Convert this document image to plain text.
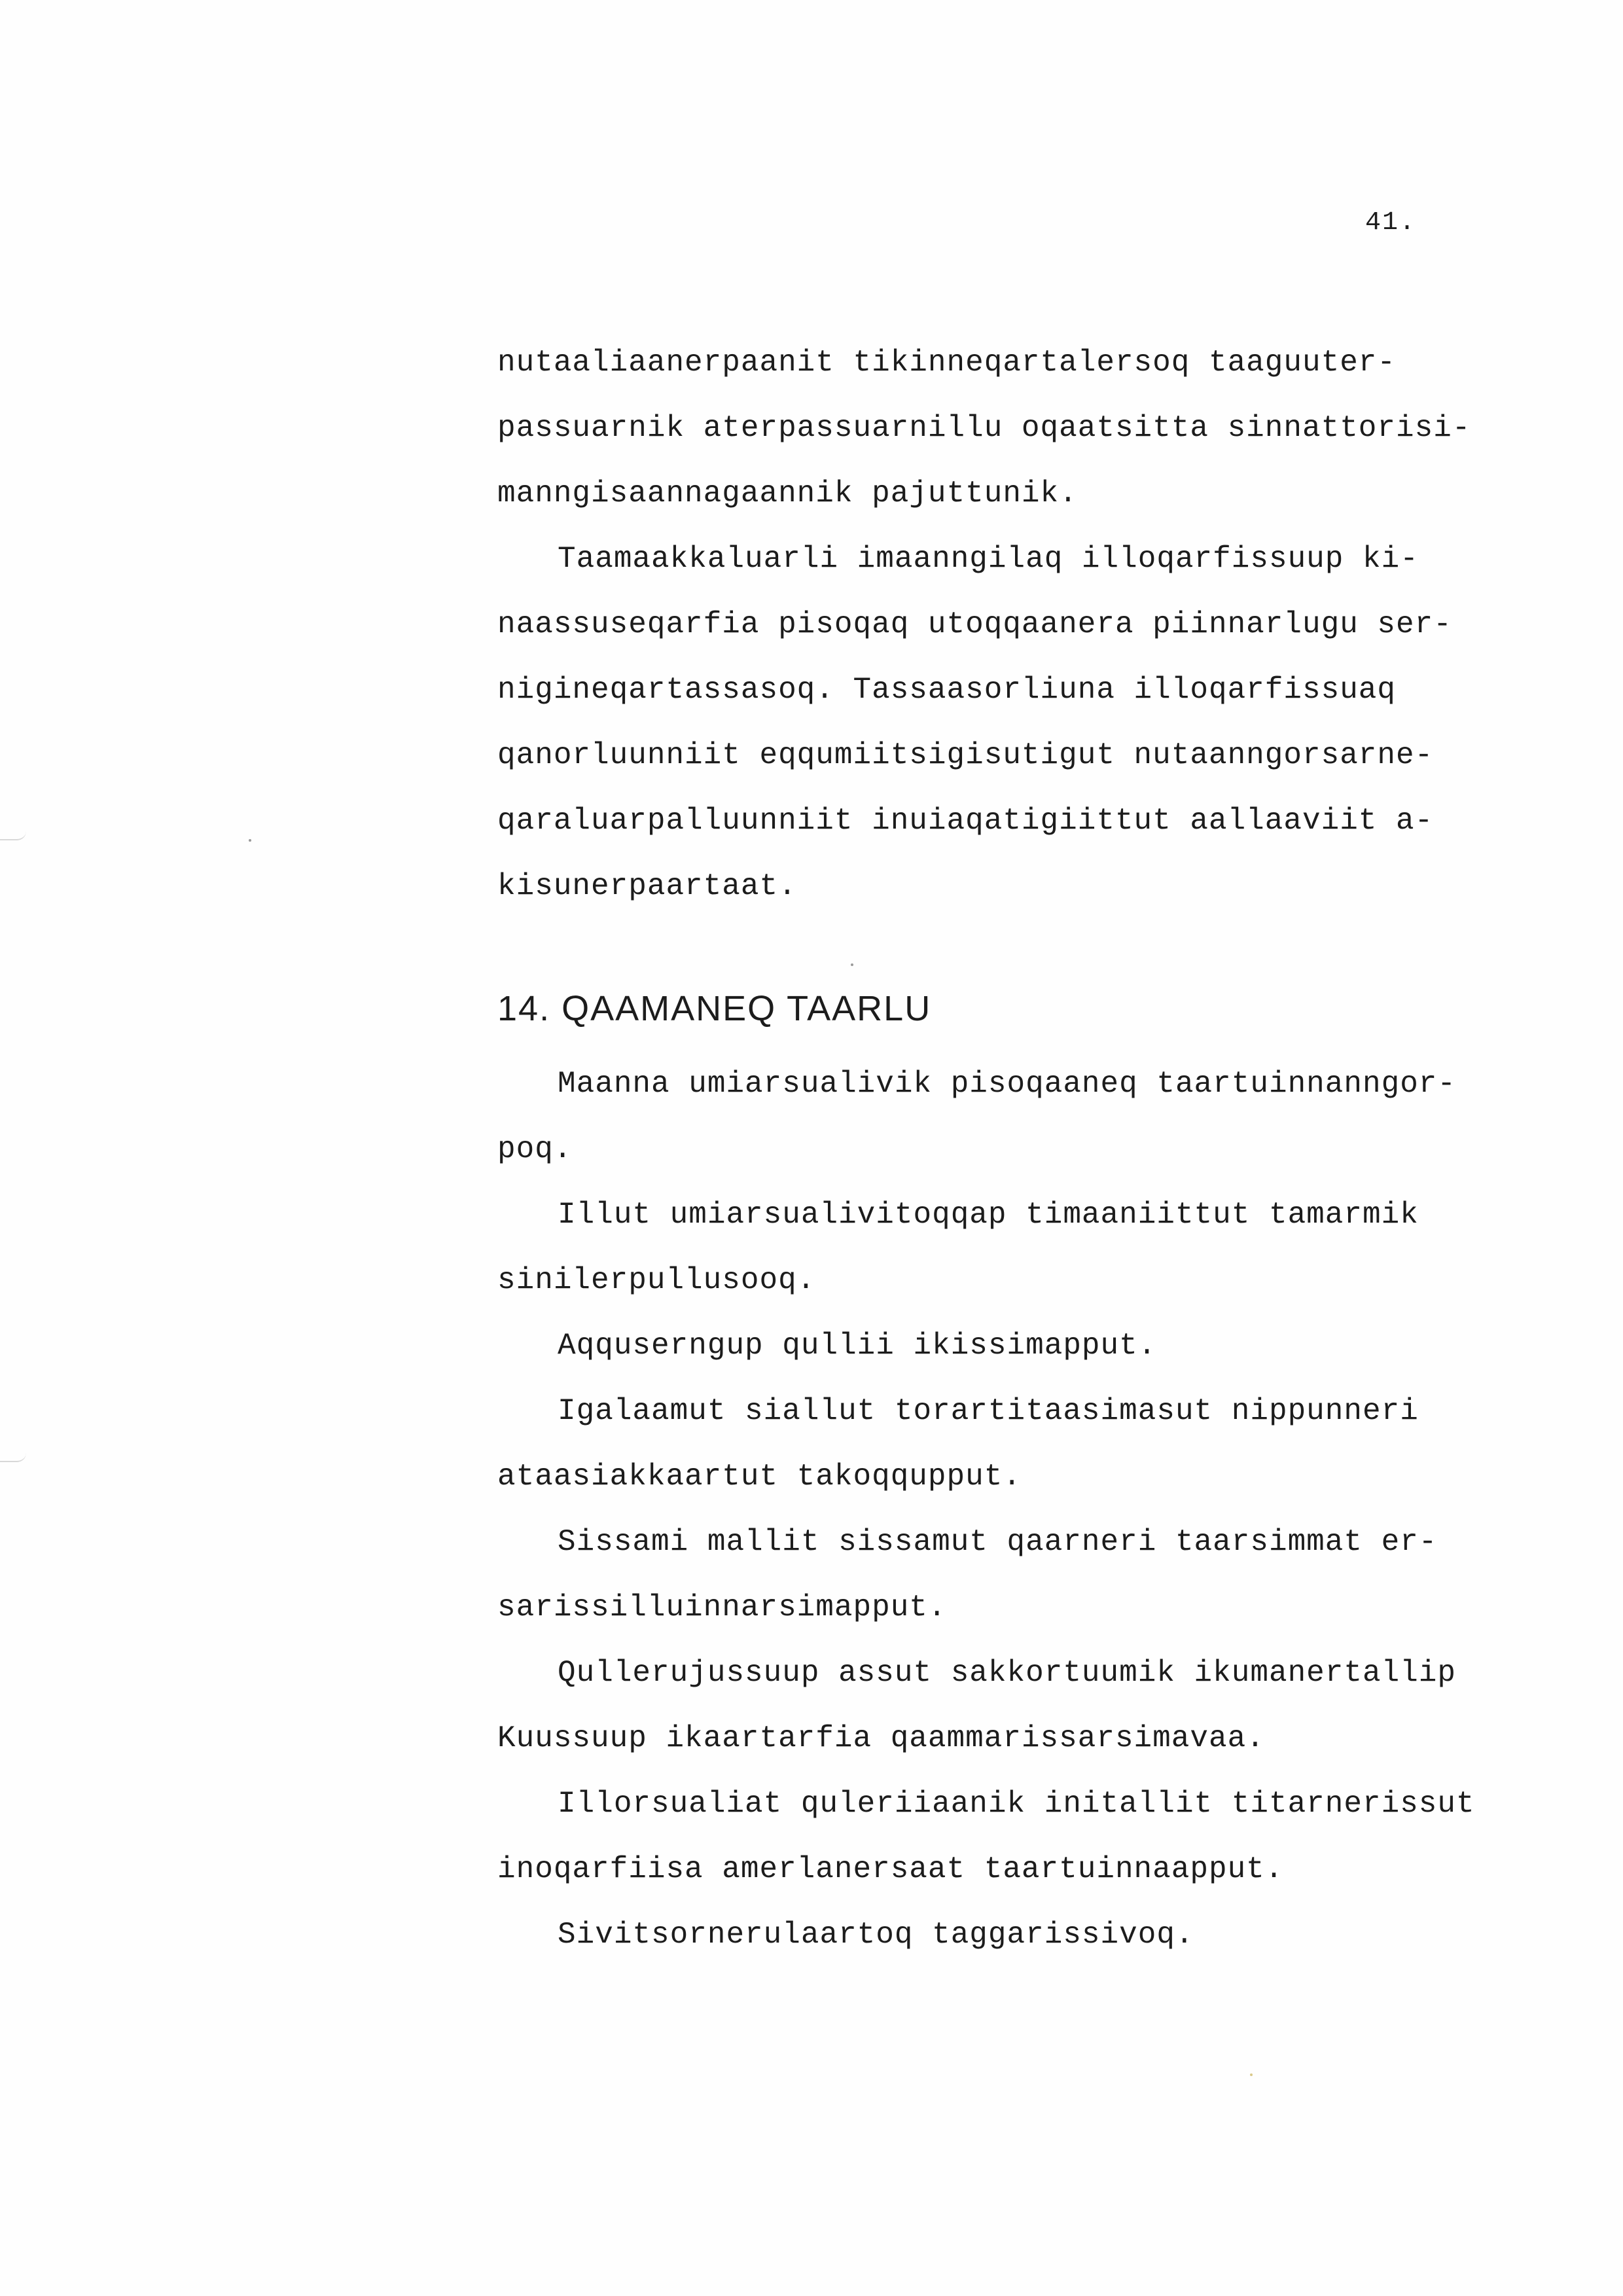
41.
nutaaliaanerpaanit tikinneqartalersoq taaguuter-
passuarnik aterpassuarnillu oqaatsitta sinnattorisi-
manngisaannagaannik pajuttunik.
Taamaakkaluarli imaanngilaq illoqarfissuup ki-
naassuseqarfia pisoqaq utoqqaanera piinnarlugu ser-
nigineqartassasoq. Tassaasorliuna illoqarfissuaq
qanorluunniit eqqumiitsigisutigut nutaanngorsarne-
qaraluarpalluunniit inuiaqatigiittut aallaaviit a-
kisunerpaartaat.
14. QAAMANEQ TAARLU
Maanna umiarsualivik pisoqaaneq taartuinnanngor-
poq.
Illut umiarsualivitoqqap timaaniittut tamarmik
sinilerpullusooq.
Aqquserngup qullii ikissimapput.
Igalaamut siallut torartitaasimasut nippunneri
ataasiakkaartut takoqqupput.
Sissami mallit sissamut qaarneri taarsimmat er-
sarissilluinnarsimapput.
Qullerujussuup assut sakkortuumik ikumanertallip
Kuussuup ikaartarfia qaammarissarsimavaa.
Illorsualiat quleriiaanik initallit titarnerissut
inoqarfiisa amerlanersaat taartuinnaapput.
Sivitsornerulaartoq taggarissivoq.
